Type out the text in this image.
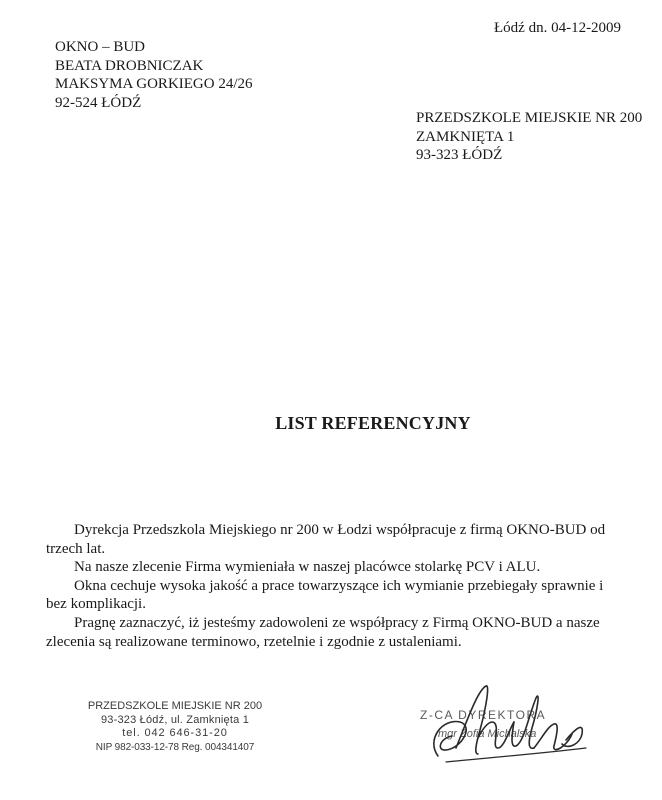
Łódź dn. 04-12-2009
OKNO – BUD
BEATA DROBNICZAK
MAKSYMA GORKIEGO 24/26
92-524 ŁÓDŹ
PRZEDSZKOLE MIEJSKIE NR 200
ZAMKNIĘTA 1
93-323 ŁÓDŹ
LIST REFERENCYJNY

Dyrekcja Przedszkola Miejskiego nr 200 w Łodzi współpracuje z firmą OKNO-BUD od trzech lat.

Na nasze zlecenie Firma wymieniała w naszej placówce stolarkę PCV i ALU.

Okna cechuje wysoka jakość a prace towarzyszące ich wymianie przebiegały sprawnie i bez komplikacji.

Pragnę zaznaczyć, iż jesteśmy zadowoleni ze współpracy z Firmą OKNO-BUD a nasze zlecenia są realizowane terminowo, rzetelnie i zgodnie z ustaleniami.

PRZEDSZKOLE MIEJSKIE NR 200
93-323 Łódź, ul. Zamknięta 1
tel. 042 646-31-20
NIP 982-033-12-78 Reg. 004341407
Z-CA DYREKTORA
mgr Zofia Michalska
